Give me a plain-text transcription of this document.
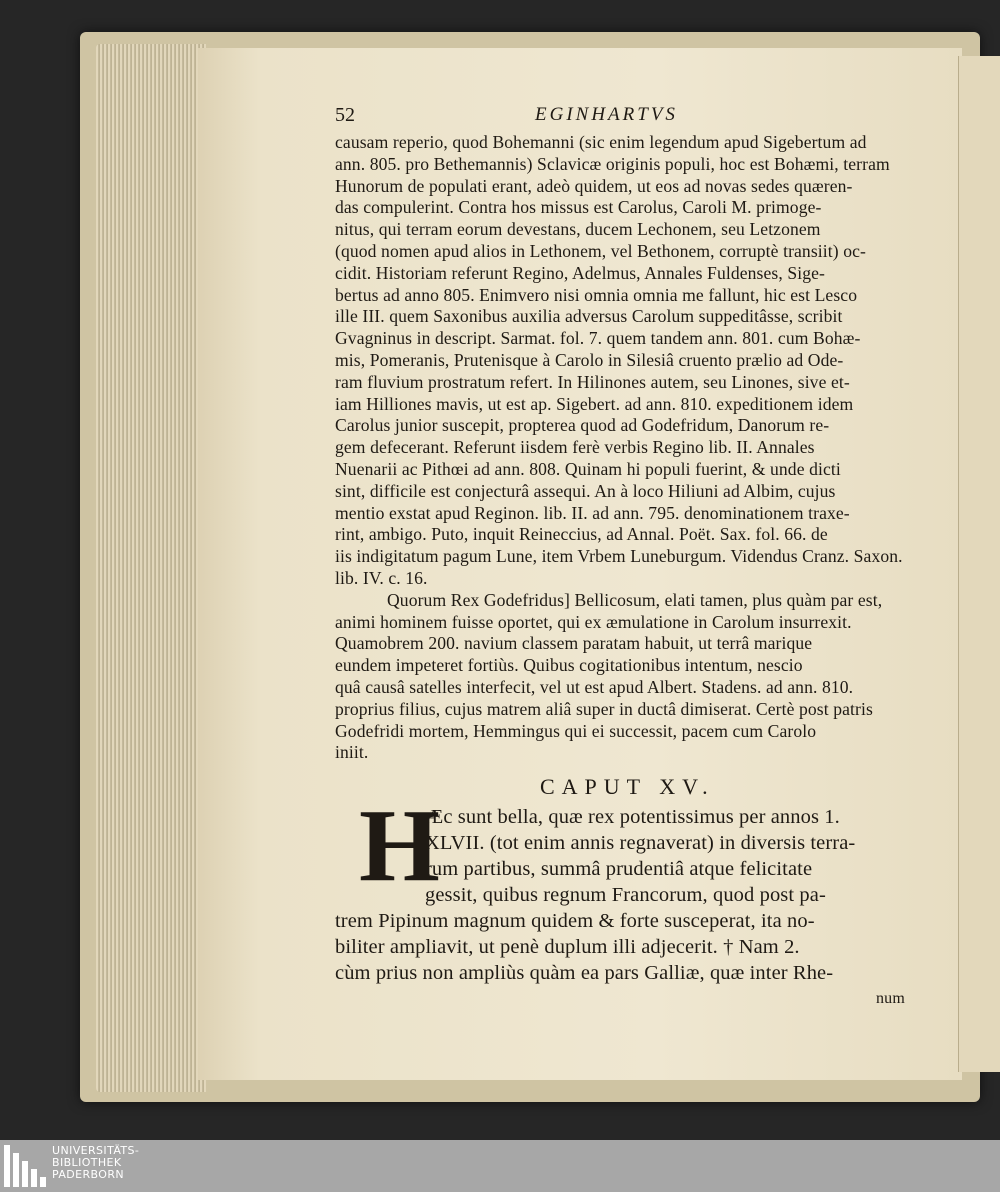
52	EGINHARTVS
causam reperio, quod Bohemanni (sic enim legendum apud Sigebertum ad
ann. 805. pro Bethemannis) Sclavicæ originis populi, hoc est Bohæmi, terram
Hunorum de populati erant, adeò quidem, ut eos ad novas sedes quæren-
das compulerint. Contra hos missus est Carolus, Caroli M. primoge-
nitus, qui terram eorum devestans, ducem Lechonem, seu Letzonem
(quod nomen apud alios in Lethonem, vel Bethonem, corruptè transiit) oc-
cidit. Historiam referunt Regino, Adelmus, Annales Fuldenses, Sige-
bertus ad anno 805. Enimvero nisi omnia omnia me fallunt, hic est Lesco
ille III. quem Saxonibus auxilia adversus Carolum suppeditâsse, scribit
Gvagninus in descript. Sarmat. fol. 7. quem tandem ann. 801. cum Bohæ-
mis, Pomeranis, Prutenisque à Carolo in Silesiâ cruento prælio ad Ode-
ram fluvium prostratum refert. In Hilinones autem, seu Linones, sive et-
iam Hilliones mavis, ut est ap. Sigebert. ad ann. 810. expeditionem idem
Carolus junior suscepit, propterea quod ad Godefridum, Danorum re-
gem defecerant. Referunt iisdem ferè verbis Regino lib. II. Annales
Nuenarii ac Pithœi ad ann. 808. Quinam hi populi fuerint, & unde dicti
sint, difficile est conjecturâ assequi. An à loco Hiliuni ad Albim, cujus
mentio exstat apud Reginon. lib. II. ad ann. 795. denominationem traxe-
rint, ambigo. Puto, inquit Reineccius, ad Annal. Poët. Sax. fol. 66. de
iis indigitatum pagum Lune, item Vrbem Luneburgum. Videndus Cranz. Saxon.
lib. IV. c. 16.
Quorum Rex Godefridus] Bellicosum, elati tamen, plus quàm par est,
animi hominem fuisse oportet, qui ex æmulatione in Carolum insurrexit.
Quamobrem 200. navium classem paratam habuit, ut terrâ marique
eundem impeteret fortiùs. Quibus cogitationibus intentum, nescio
quâ causâ satelles interfecit, vel ut est apud Albert. Stadens. ad ann. 810.
proprius filius, cujus matrem aliâ super in ductâ dimiserat. Certè post patris
Godefridi mortem, Hemmingus qui ei successit, pacem cum Carolo
iniit.
CAPUT XV.
H
Æc sunt bella, quæ rex potentissimus per annos 1.
XLVII. (tot enim annis regnaverat) in diversis terra-
rum partibus, summâ prudentiâ atque felicitate
gessit, quibus regnum Francorum, quod post pa-
trem Pipinum magnum quidem & forte susceperat, ita no-
biliter ampliavit, ut penè duplum illi adjecerit. † Nam 2.
cùm prius non ampliùs quàm ea pars Galliæ, quæ inter Rhe-
num
UNIVERSITÄTS-
BIBLIOTHEK
PADERBORN
